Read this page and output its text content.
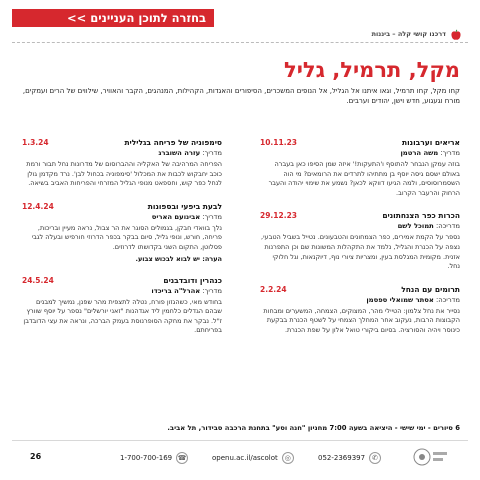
בחזרה לתוכן העניינים >>
דרכנו קושי קלה – ביננות
מקל, תרמיל, גליל
קחו מקל, קחו תרמיל, וגאו איתנו אל הגליל, אל הנופים המשכרים, הסיפורים והאגדות, הקהילות, המנהגים, הקבר והאוויר, שילווים של הרים ועמקים, מורח וגעגוע, חדש וישן, יהודים וערבים.
אריאים וערבונות
10.11.23
מדריך: משה הרטמן
בוזה עמקן הנבחר להתוסף ו'התעקות!' איזה שמן הסיפו כאן בעברה באולם ישסם גיסה יוסף בן מתתיהו לתרדים את הרומאים? מי הוה השסמרוסוסים, ולמה הגיעו דווקא לכאן? נשמע את שימוי יהודה והעבר הרחוק והרעבר הקרוב.
הכרות כפר הצנחתונים
29.12.23
מדריכה: תמוכל לשם
נספר על הקמת אמירים, כפר הצמחונים והטבעונים. נטייל בשביל הטבעי, נצפה על הכנרת והגליל, נלמד את התקהלות המשונות שם וכן התפרנות אזנית. מקומית המגלסת בעין, ומצריות ציורי נוף, דיוקנאות, וגל חלוקי נחל.
תרומים עם הנחל
2.2.24
מדריכה: אסתר שמואלי ספסמן
נסייר את נחל צלמון: הטיילי מהר, המצוקים, הצמחה, המשערים ומבחות הקבוצות הרבות, נעקוב אחר המחלך הצמחי על לשטף הכנרת בבקעת כינוסר ויהיה והסורציה. בסיום ביקורי טואל אלון על שפת הכנרת.
סימפוניה של פריחה בגלילית
1.3.24
מדריך: עזרה השוברג
הפריחה המרהיבה של האקליה וההברוסום של מדרונות נחל תבור ורמת כוכב יחבקוש לכבות את המכלול 'סימפוניה בכחול לבן'. נרד מקדמן גולן לנחל כפר קוש, וחספאט מנופי הגליל המזרחי והפריחות האביב בשיאה.
לבעת ביפעי ובספונות
12.4.24
מדריך: אבינועם האריס
נלך בוואדי חבקן, בגמולים הסוגר את הר צבול, נראה מעיין ובריכות, פריחה, חורש, ונופי גליל, סיום בבקר בכפר הדרוזי חורפיש ובעלה לגבי פסלוטן, התקום השני בקדושתו לדרוזים.
הערה: יש לבוא לבכוש צבוע.
כנהרין ודובדבנים
24.5.24
מדריך: אהרל"ה בריכדו
בחודש מאי, כשהגזון פורח, נטלה לתצפית מהר שפנן, נמשיך למבנים שבהם הגדלים כלחמין ליד אגדהנות "זאני יורשלים" נספר על יוסף שוורץ ז"ל. נבקר את מחקה הסופרנוסת בעמק הברכה, ונראה את עצי הדובדבן בפריחתם.
6 סיורים - ימי שישי - היציאה בשעה 7:00 מחניון "חנה וסע" בתחנת הרכבה סבידור, תל אביב.
26	1-700-700-169 ☎	openu.ac.il/ascolot ◎	052-2369397	✆
